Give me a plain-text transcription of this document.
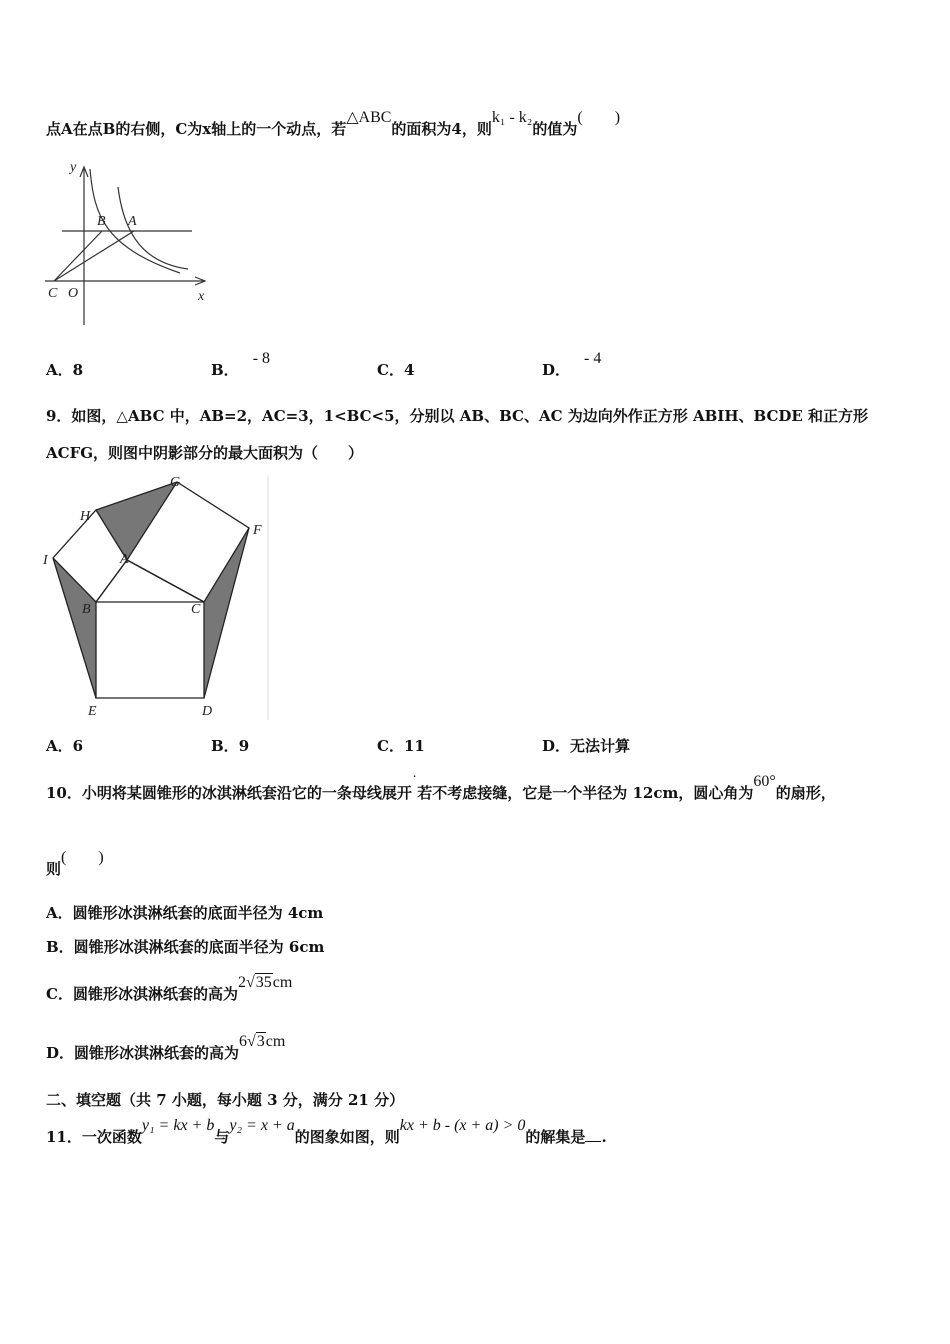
点A在点B的右侧，C为x轴上的一个动点，若△ABC的面积为4，则k₁ - k₂的值为(　　)
y
x
A
B
C O
A．8	B．- 8
C．4	D．- 4
9．如图，△ABC 中，AB=2，AC=3，1<BC<5，分别以 AB、BC、AC 为边向外作正方形 ABIH、BCDE 和正方形
ACFG，则图中阴影部分的最大面积为（　　）
G
H
F
I	A
B	C
E	D
A．6	B．9	C．11	D．无法计算
10．小明将某圆锥形的冰淇淋纸套沿它的一条母线展开˙若不考虑接缝，它是一个半径为 12cm，圆心角为60°的扇形，
则(　　)
A．圆锥形冰淇淋纸套的底面半径为 4cm
B．圆锥形冰淇淋纸套的底面半径为 6cm
C．圆锥形冰淇淋纸套的高为2√35cm
D．圆锥形冰淇淋纸套的高为6√3cm
二、填空题（共 7 小题，每小题 3 分，满分 21 分）
11．一次函数y₁ = kx + b与y₂ = x + a的图象如图，则kx + b - (x + a) > 0的解集是 .
